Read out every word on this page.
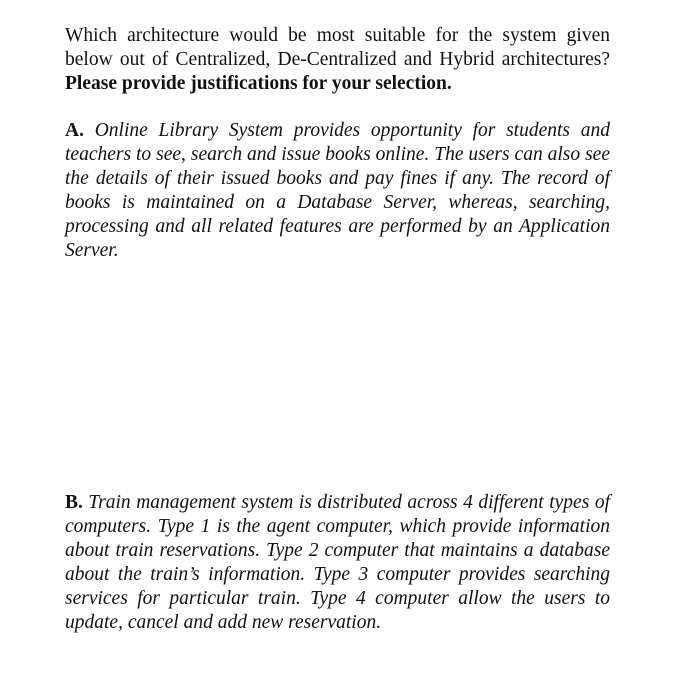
Which architecture would be most suitable for the system given below out of Centralized, De-Centralized and Hybrid architectures? Please provide justifications for your selection.
A. Online Library System provides opportunity for students and teachers to see, search and issue books online. The users can also see the details of their issued books and pay fines if any. The record of books is maintained on a Database Server, whereas, searching, processing and all related features are performed by an Application Server.
B. Train management system is distributed across 4 different types of computers. Type 1 is the agent computer, which provide information about train reservations. Type 2 computer that maintains a database about the train’s information. Type 3 computer provides searching services for particular train. Type 4 computer allow the users to update, cancel and add new reservation.
